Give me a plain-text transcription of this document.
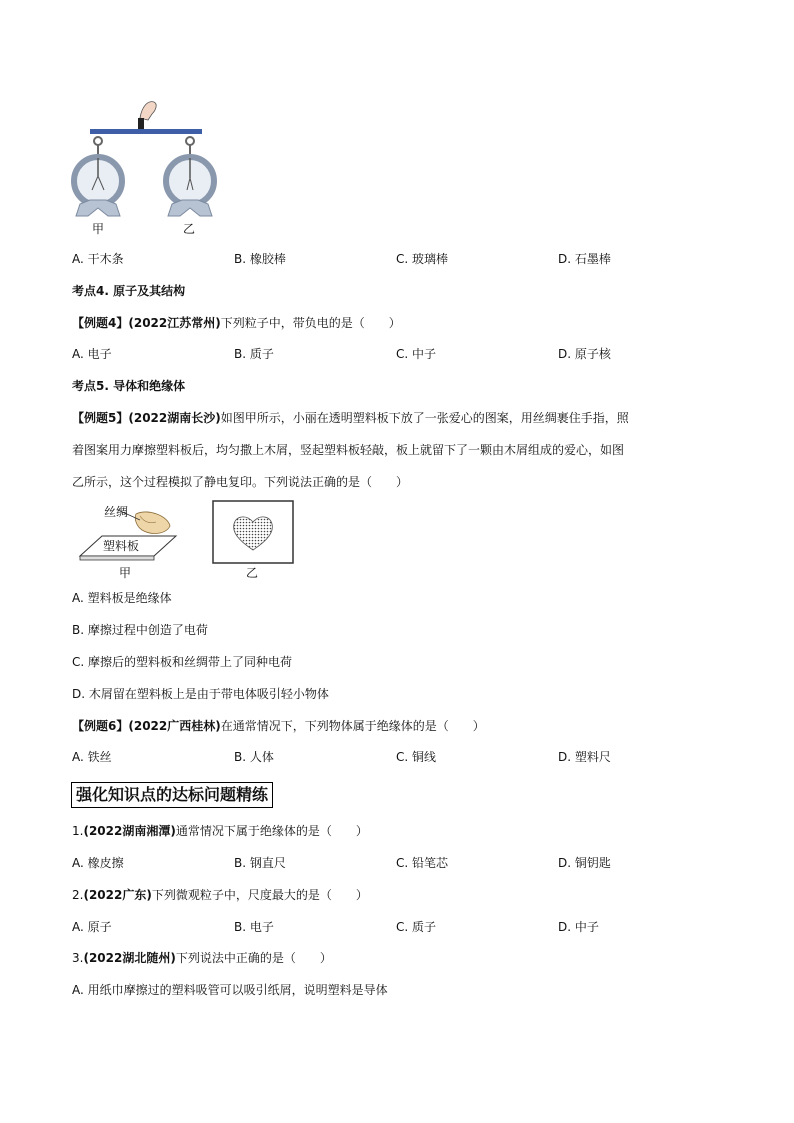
甲	乙
A. 干木条	B. 橡胶棒	C. 玻璃棒	D. 石墨棒
考点4. 原子及其结构
【例题4】(2022江苏常州)下列粒子中，带负电的是（　　）
A. 电子	B. 质子	C. 中子	D. 原子核
考点5. 导体和绝缘体
【例题5】(2022湖南长沙)如图甲所示，小丽在透明塑料板下放了一张爱心的图案，用丝绸裹住手指，照
着图案用力摩擦塑料板后，均匀撒上木屑，竖起塑料板轻敲，板上就留下了一颗由木屑组成的爱心，如图
乙所示，这个过程模拟了静电复印。下列说法正确的是（　　）
丝绸
塑料板
甲	乙
A. 塑料板是绝缘体
B. 摩擦过程中创造了电荷
C. 摩擦后的塑料板和丝绸带上了同种电荷
D. 木屑留在塑料板上是由于带电体吸引轻小物体
【例题6】(2022广西桂林)在通常情况下，下列物体属于绝缘体的是（　　）
A. 铁丝	B. 人体	C. 铜线	D. 塑料尺
强化知识点的达标问题精练
1.(2022湖南湘潭)通常情况下属于绝缘体的是（　　）
A. 橡皮擦	B. 钢直尺	C. 铅笔芯	D. 铜钥匙
2.(2022广东)下列微观粒子中，尺度最大的是（　　）
A. 原子	B. 电子	C. 质子	D. 中子
3.(2022湖北随州)下列说法中正确的是（　　）
A. 用纸巾摩擦过的塑料吸管可以吸引纸屑，说明塑料是导体
